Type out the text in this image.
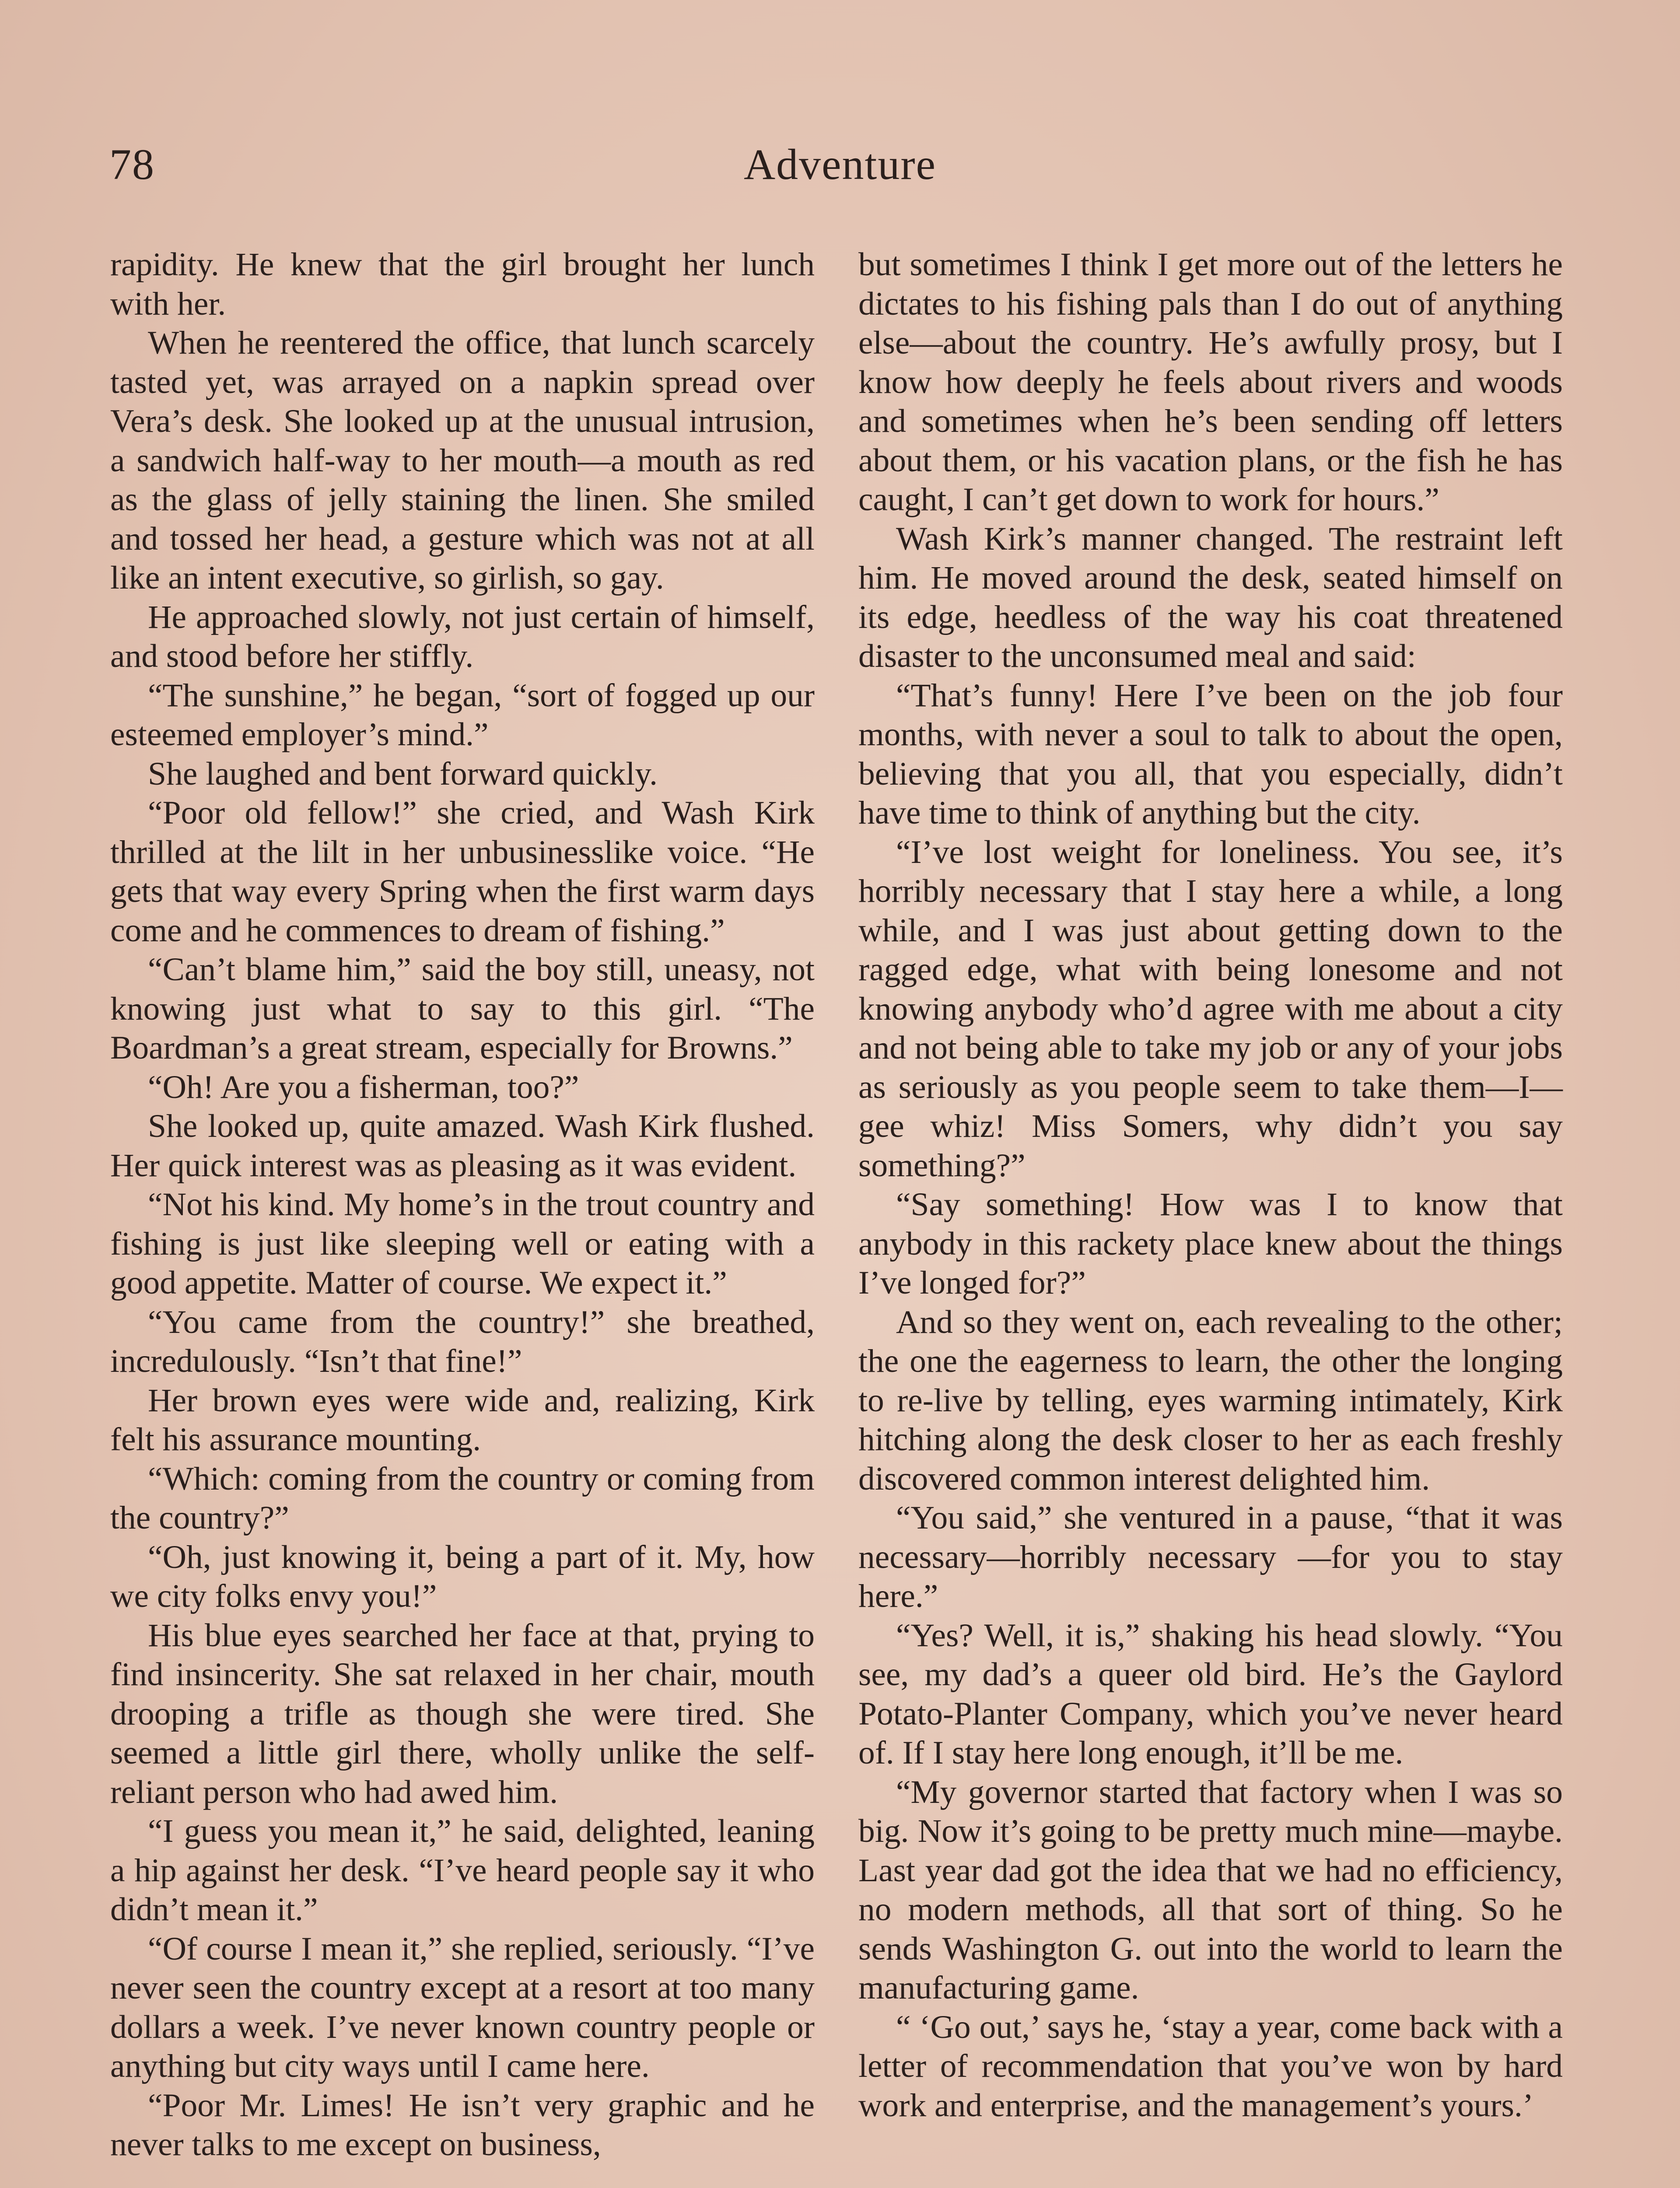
78	Adventure

rapidity. He knew that the girl brought her lunch with her.

When he reentered the office, that lunch scarcely tasted yet, was arrayed on a napkin spread over Vera’s desk. She looked up at the unusual intrusion, a sandwich half-way to her mouth—a mouth as red as the glass of jelly staining the linen. She smiled and tossed her head, a gesture which was not at all like an intent executive, so girlish, so gay.

He approached slowly, not just certain of himself, and stood before her stiffly.

“The sunshine,” he began, “sort of fogged up our esteemed employer’s mind.”

She laughed and bent forward quickly.

“Poor old fellow!” she cried, and Wash Kirk thrilled at the lilt in her unbusinesslike voice. “He gets that way every Spring when the first warm days come and he commences to dream of fishing.”

“Can’t blame him,” said the boy still, uneasy, not knowing just what to say to this girl. “The Boardman’s a great stream, especially for Browns.”

“Oh! Are you a fisherman, too?”

She looked up, quite amazed. Wash Kirk flushed. Her quick interest was as pleasing as it was evident.

“Not his kind. My home’s in the trout country and fishing is just like sleeping well or eating with a good appetite. Matter of course. We expect it.”

“You came from the country!” she breathed, incredulously. “Isn’t that fine!”

Her brown eyes were wide and, realizing, Kirk felt his assurance mounting.

“Which: coming from the country or coming from the country?”

“Oh, just knowing it, being a part of it. My, how we city folks envy you!”

His blue eyes searched her face at that, prying to find insincerity. She sat relaxed in her chair, mouth drooping a trifle as though she were tired. She seemed a little girl there, wholly unlike the self-reliant person who had awed him.

“I guess you mean it,” he said, delighted, leaning a hip against her desk. “I’ve heard people say it who didn’t mean it.”

“Of course I mean it,” she replied, seriously. “I’ve never seen the country except at a resort at too many dollars a week. I’ve never known country people or anything but city ways until I came here.

“Poor Mr. Limes! He isn’t very graphic and he never talks to me except on business,

but sometimes I think I get more out of the letters he dictates to his fishing pals than I do out of anything else—about the country. He’s awfully prosy, but I know how deeply he feels about rivers and woods and sometimes when he’s been sending off letters about them, or his vacation plans, or the fish he has caught, I can’t get down to work for hours.”

Wash Kirk’s manner changed. The restraint left him. He moved around the desk, seated himself on its edge, heedless of the way his coat threatened disaster to the unconsumed meal and said:

“That’s funny! Here I’ve been on the job four months, with never a soul to talk to about the open, believing that you all, that you especially, didn’t have time to think of anything but the city.

“I’ve lost weight for loneliness. You see, it’s horribly necessary that I stay here a while, a long while, and I was just about getting down to the ragged edge, what with being lonesome and not knowing anybody who’d agree with me about a city and not being able to take my job or any of your jobs as seriously as you people seem to take them—I—gee whiz! Miss Somers, why didn’t you say something?”

“Say something! How was I to know that anybody in this rackety place knew about the things I’ve longed for?”

And so they went on, each revealing to the other; the one the eagerness to learn, the other the longing to re-live by telling, eyes warming intimately, Kirk hitching along the desk closer to her as each freshly discovered common interest delighted him.

“You said,” she ventured in a pause, “that it was necessary—horribly necessary —for you to stay here.”

“Yes? Well, it is,” shaking his head slowly. “You see, my dad’s a queer old bird. He’s the Gaylord Potato-Planter Company, which you’ve never heard of. If I stay here long enough, it’ll be me.

“My governor started that factory when I was so big. Now it’s going to be pretty much mine—maybe. Last year dad got the idea that we had no efficiency, no modern methods, all that sort of thing. So he sends Washington G. out into the world to learn the manufacturing game.

“ ‘Go out,’ says he, ‘stay a year, come back with a letter of recommendation that you’ve won by hard work and enterprise, and the management’s yours.’
